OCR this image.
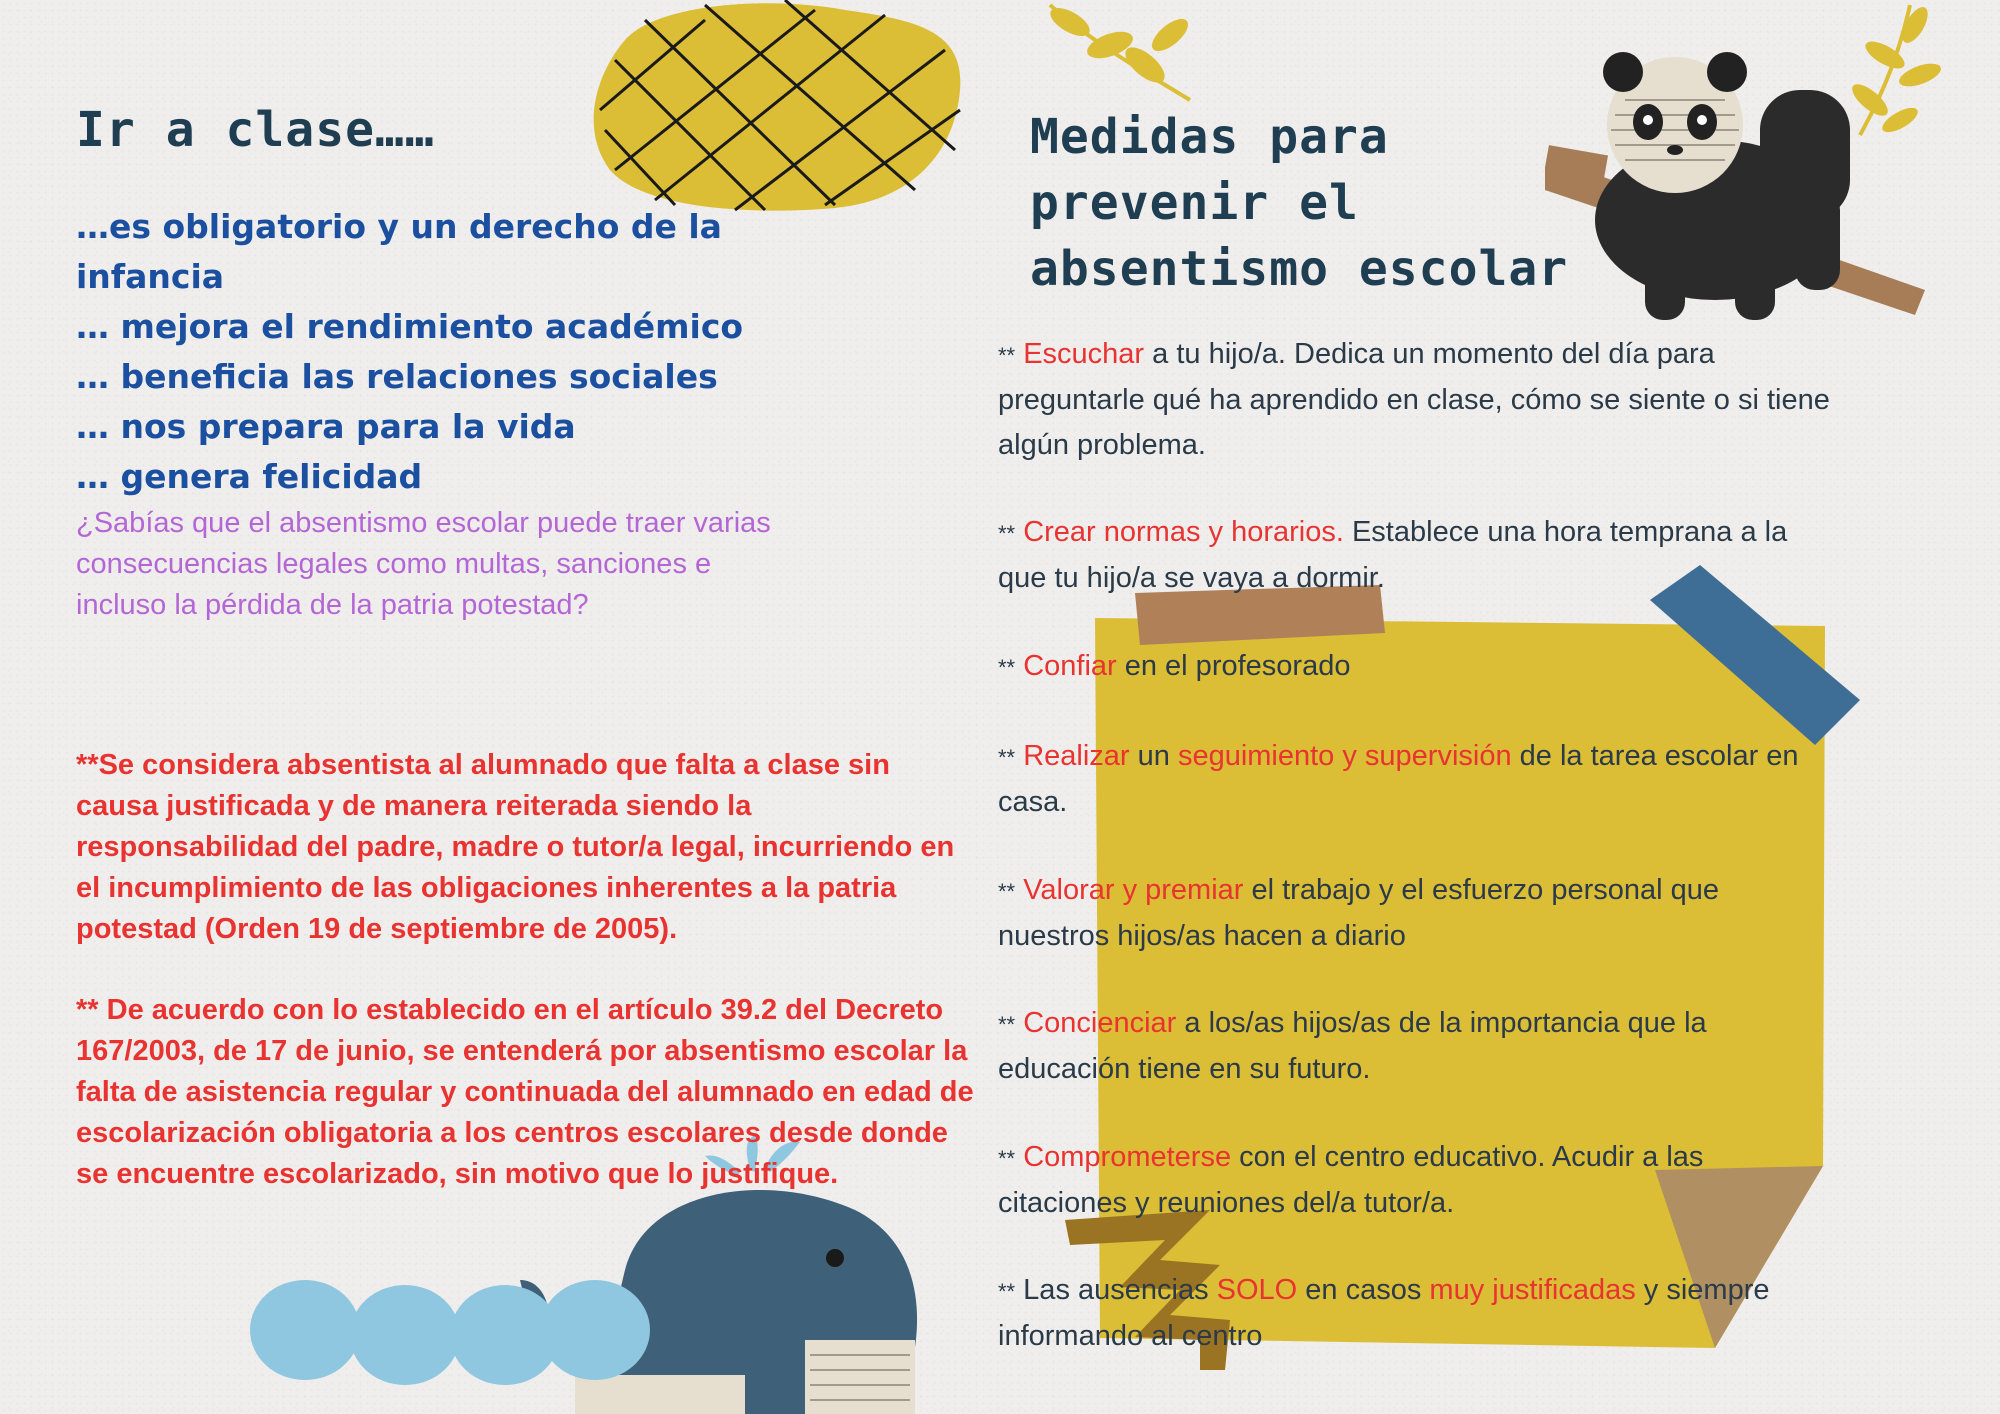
Ir a clase……
…es obligatorio y un derecho de la infancia
… mejora el rendimiento académico
… beneficia las relaciones sociales
… nos prepara para la vida
… genera felicidad
¿Sabías que el absentismo escolar puede traer varias consecuencias legales como multas, sanciones e incluso la pérdida de la patria potestad?
**Se considera absentista al alumnado que falta a clase sin causa justificada y de manera reiterada siendo la responsabilidad del padre, madre o tutor/a legal, incurriendo en el incumplimiento de las obligaciones inherentes a la patria potestad (Orden 19 de septiembre de 2005).
** De acuerdo con lo establecido en el artículo 39.2 del Decreto 167/2003, de 17 de junio, se entenderá por absentismo escolar la falta de asistencia regular y continuada del alumnado en edad de escolarización obligatoria a los centros escolares desde donde se encuentre escolarizado, sin motivo que lo justifique.
Medidas para
prevenir el
absentismo escolar
** Escuchar a tu hijo/a. Dedica un momento del día para preguntarle qué ha aprendido en clase, cómo se siente o si tiene algún problema.
** Crear normas y horarios. Establece una hora temprana a la que tu hijo/a se vaya a dormir.
** Confiar en el profesorado
** Realizar un seguimiento y supervisión de la tarea escolar en casa.
** Valorar y premiar el trabajo y el esfuerzo personal que nuestros hijos/as hacen a diario
** Concienciar a los/as hijos/as de la importancia que la educación tiene en su futuro.
** Comprometerse con el centro educativo. Acudir a las citaciones y reuniones del/a tutor/a.
** Las ausencias SOLO en casos muy justificadas y siempre informando al centro
